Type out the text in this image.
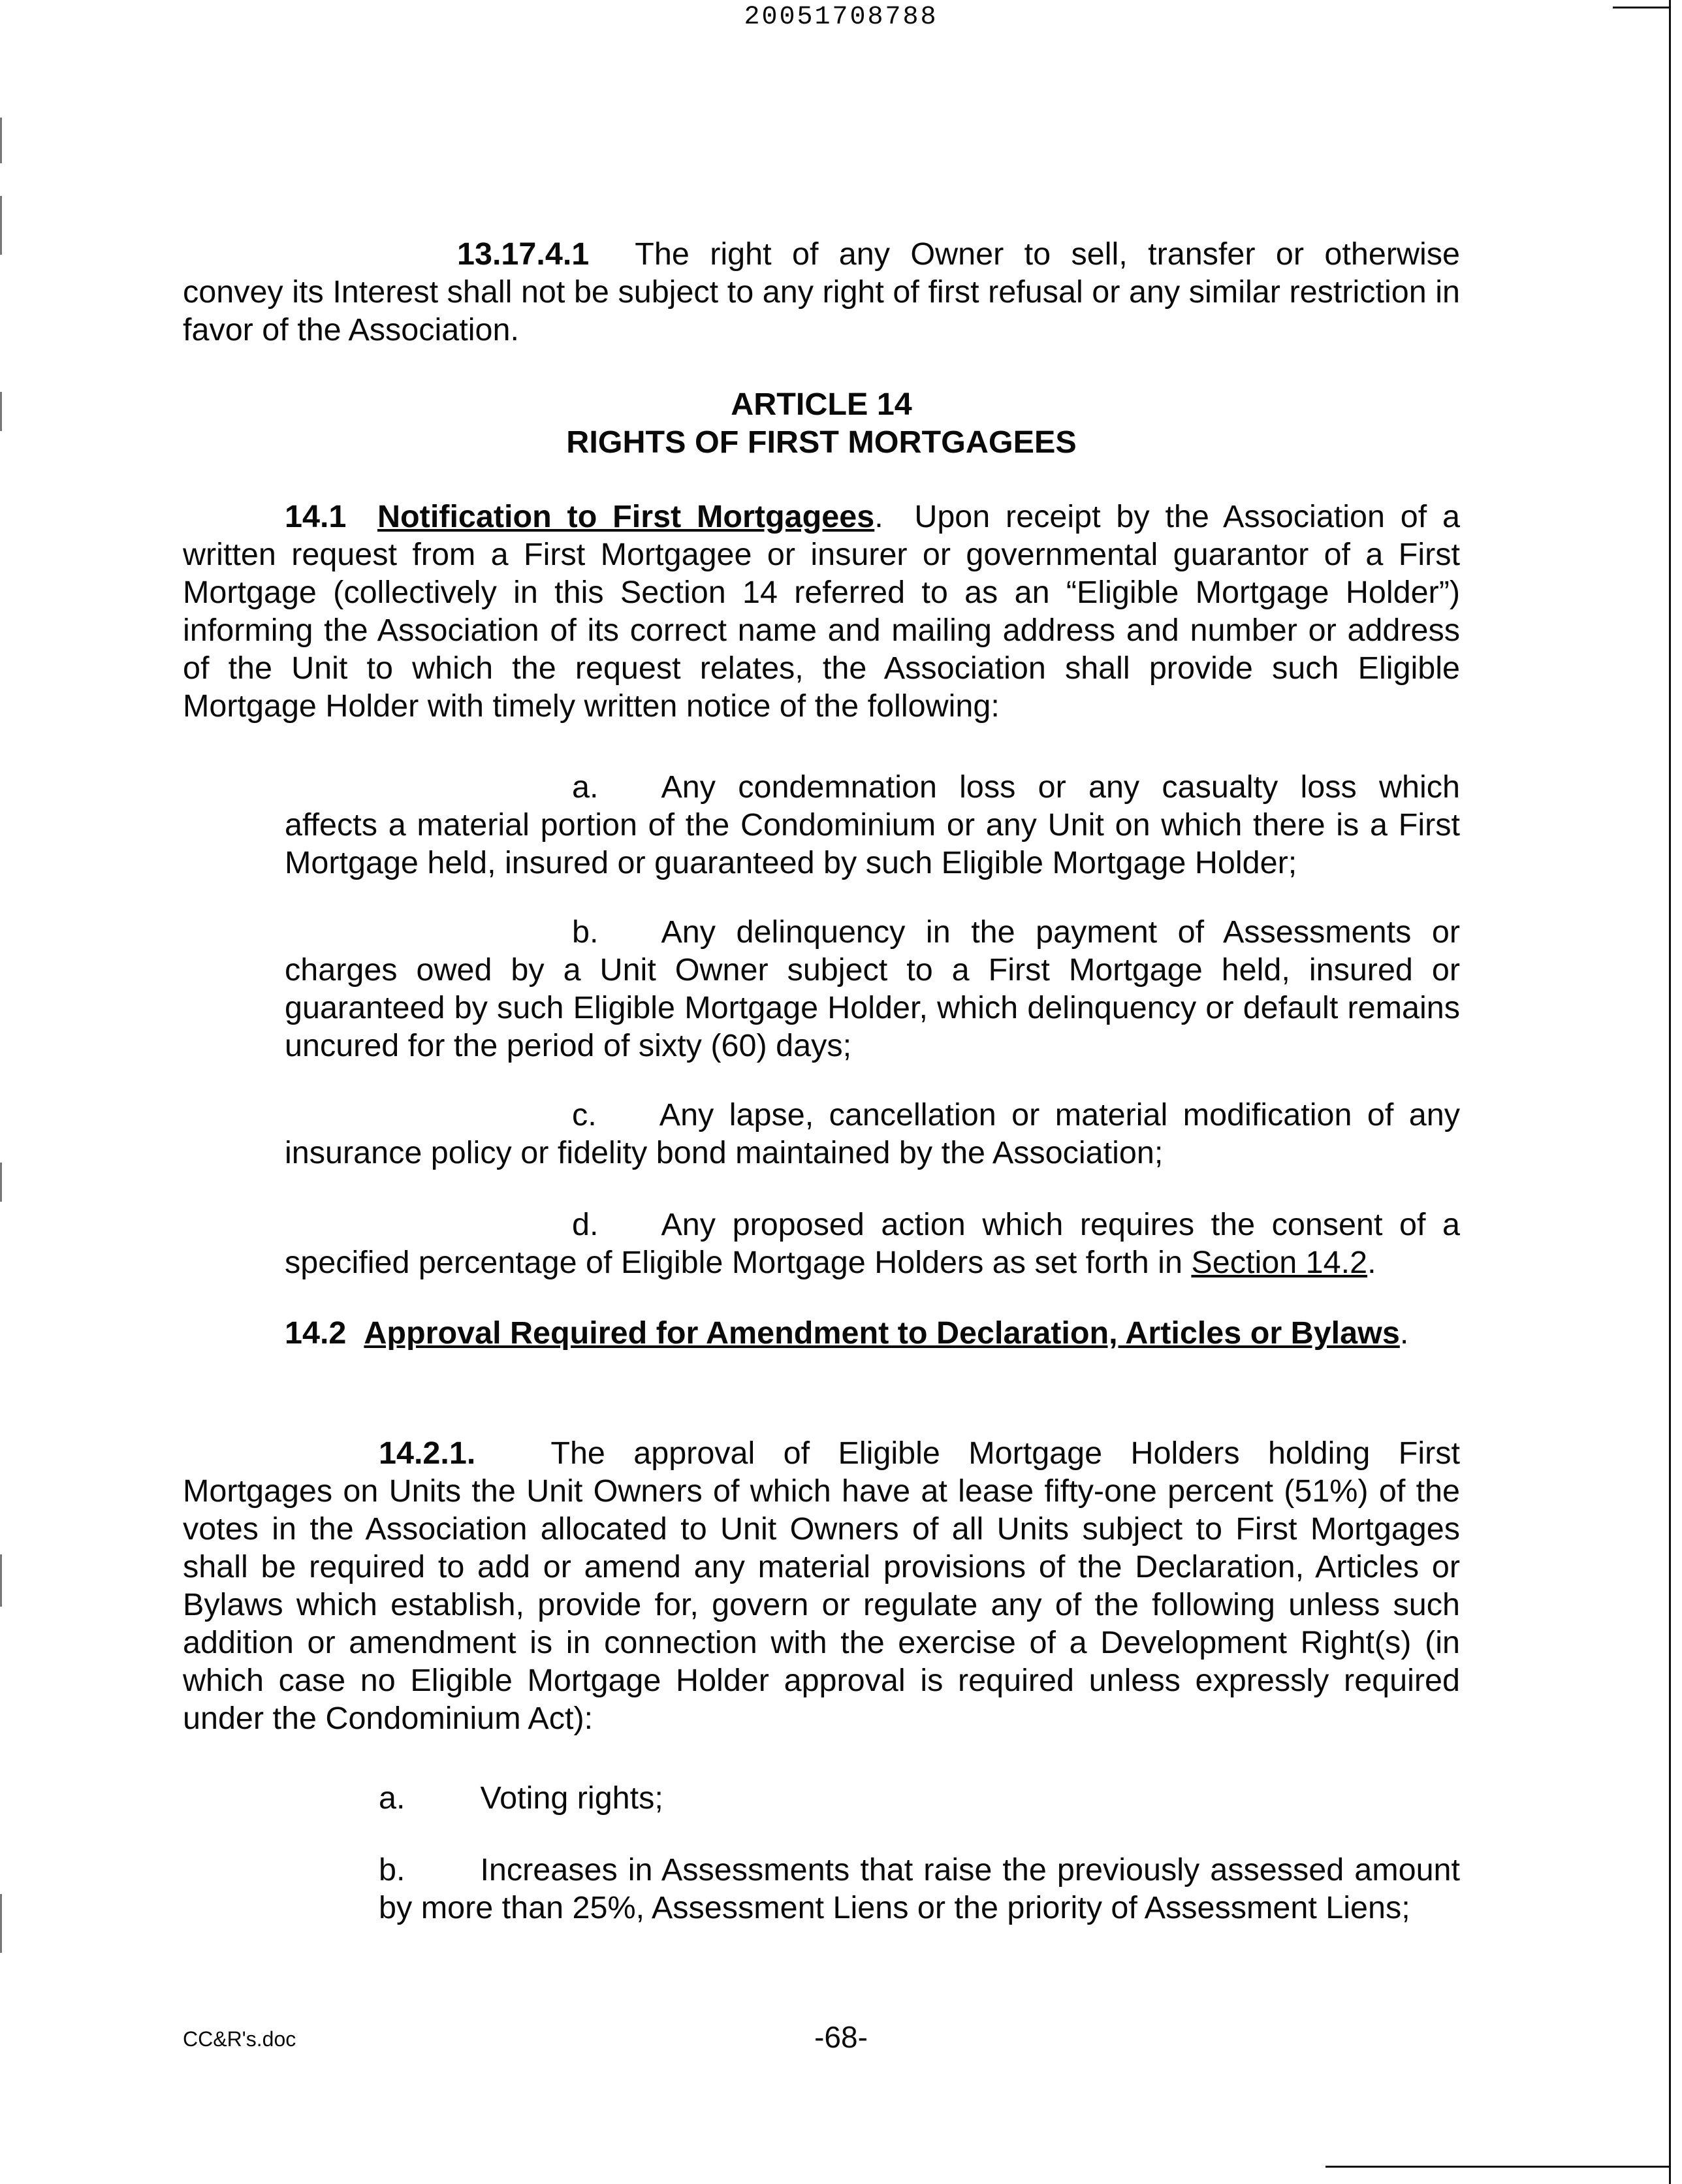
20051708788

13.17.4.1 The right of any Owner to sell, transfer or otherwise convey its Interest shall not be subject to any right of first refusal or any similar restriction in favor of the Association.

ARTICLE 14

RIGHTS OF FIRST MORTGAGEES

14.1 Notification to First Mortgagees. Upon receipt by the Association of a written request from a First Mortgagee or insurer or governmental guarantor of a First Mortgage (collectively in this Section 14 referred to as an “Eligible Mortgage Holder”) informing the Association of its correct name and mailing address and number or address of the Unit to which the request relates, the Association shall provide such Eligible Mortgage Holder with timely written notice of the following:

a. Any condemnation loss or any casualty loss which affects a material portion of the Condominium or any Unit on which there is a First Mortgage held, insured or guaranteed by such Eligible Mortgage Holder;

b. Any delinquency in the payment of Assessments or charges owed by a Unit Owner subject to a First Mortgage held, insured or guaranteed by such Eligible Mortgage Holder, which delinquency or default remains uncured for the period of sixty (60) days;

c. Any lapse, cancellation or material modification of any insurance policy or fidelity bond maintained by the Association;

d. Any proposed action which requires the consent of a specified percentage of Eligible Mortgage Holders as set forth in Section 14.2.

14.2 Approval Required for Amendment to Declaration, Articles or Bylaws.

14.2.1. The approval of Eligible Mortgage Holders holding First Mortgages on Units the Unit Owners of which have at lease fifty-one percent (51%) of the votes in the Association allocated to Unit Owners of all Units subject to First Mortgages shall be required to add or amend any material provisions of the Declaration, Articles or Bylaws which establish, provide for, govern or regulate any of the following unless such addition or amendment is in connection with the exercise of a Development Right(s) (in which case no Eligible Mortgage Holder approval is required unless expressly required under the Condominium Act):

a. Voting rights;

b. Increases in Assessments that raise the previously assessed amount by more than 25%, Assessment Liens or the priority of Assessment Liens;

CC&R's.doc	-68-
